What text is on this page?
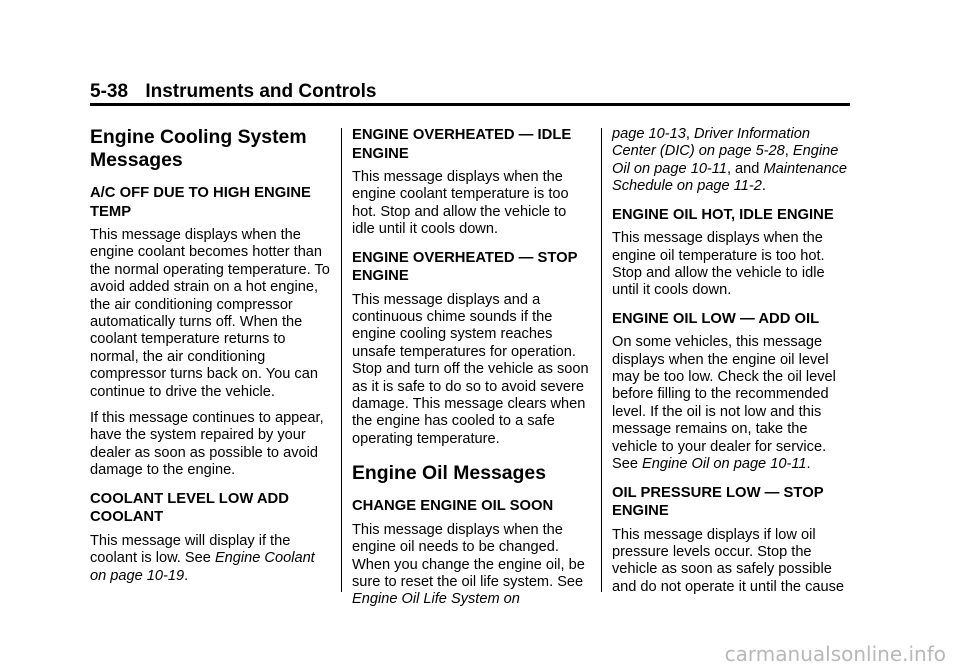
5-38 Instruments and Controls
Engine Cooling System Messages
A/C OFF DUE TO HIGH ENGINE TEMP

This message displays when the engine coolant becomes hotter than the normal operating temperature. To avoid added strain on a hot engine, the air conditioning compressor automatically turns off. When the coolant temperature returns to normal, the air conditioning compressor turns back on. You can continue to drive the vehicle.

If this message continues to appear, have the system repaired by your dealer as soon as possible to avoid damage to the engine.

COOLANT LEVEL LOW ADD COOLANT

This message will display if the coolant is low. See Engine Coolant on page 10-19.

ENGINE OVERHEATED — IDLE ENGINE

This message displays when the engine coolant temperature is too hot. Stop and allow the vehicle to idle until it cools down.

ENGINE OVERHEATED — STOP ENGINE

This message displays and a continuous chime sounds if the engine cooling system reaches unsafe temperatures for operation. Stop and turn off the vehicle as soon as it is safe to do so to avoid severe damage. This message clears when the engine has cooled to a safe operating temperature.

Engine Oil Messages
CHANGE ENGINE OIL SOON

This message displays when the engine oil needs to be changed. When you change the engine oil, be sure to reset the oil life system. See Engine Oil Life System on

page 10-13, Driver Information Center (DIC) on page 5-28, Engine Oil on page 10-11, and Maintenance Schedule on page 11-2.

ENGINE OIL HOT, IDLE ENGINE

This message displays when the engine oil temperature is too hot. Stop and allow the vehicle to idle until it cools down.

ENGINE OIL LOW — ADD OIL

On some vehicles, this message displays when the engine oil level may be too low. Check the oil level before filling to the recommended level. If the oil is not low and this message remains on, take the vehicle to your dealer for service. See Engine Oil on page 10-11.

OIL PRESSURE LOW — STOP ENGINE

This message displays if low oil pressure levels occur. Stop the vehicle as soon as safely possible and do not operate it until the cause

carmanualsonline.info
